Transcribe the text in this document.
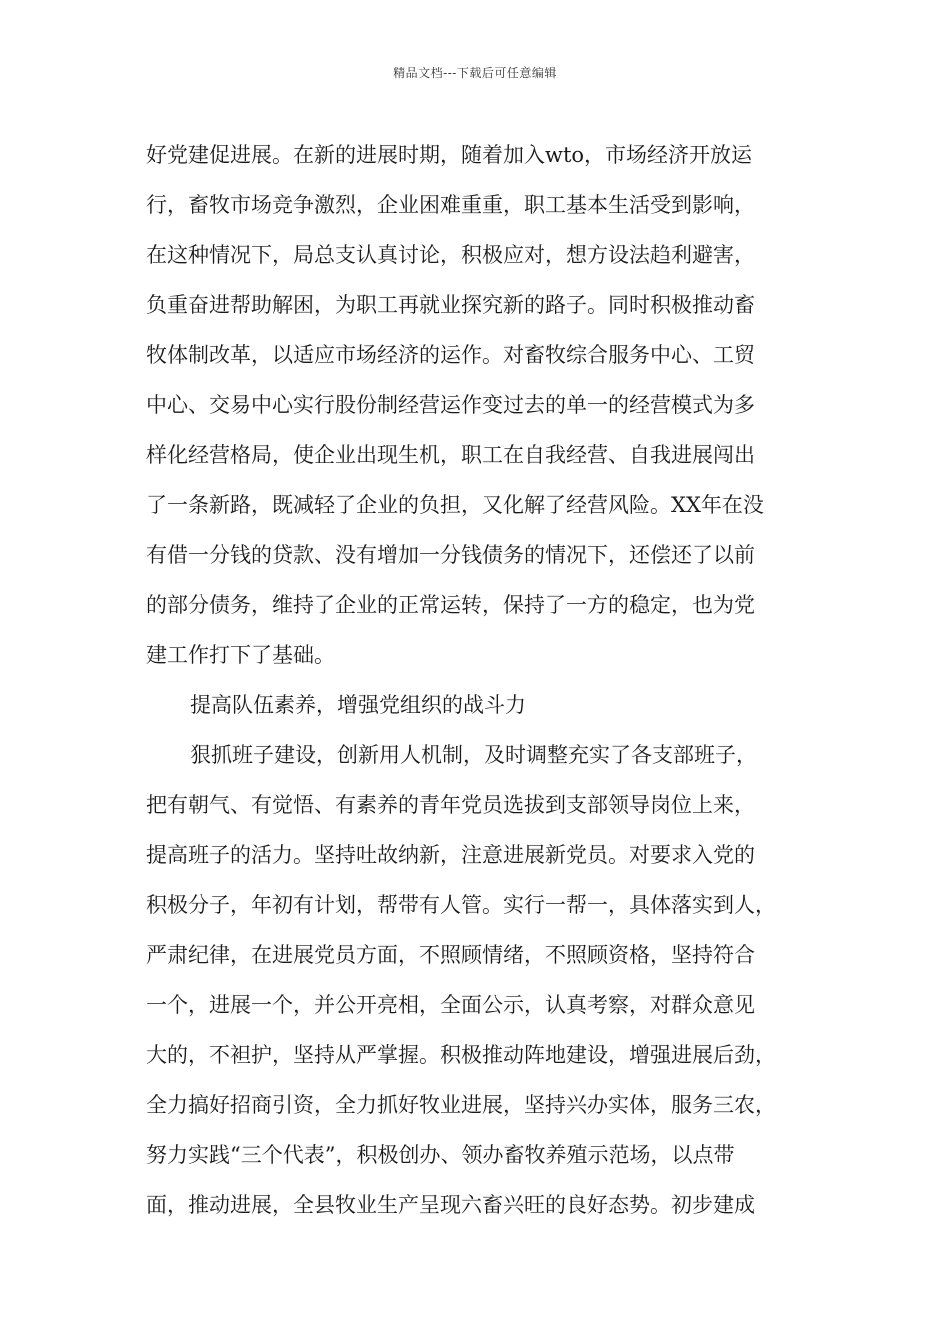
精品文档---下载后可任意编辑
好党建促进展。在新的进展时期，随着加入wto，市场经济开放运
行，畜牧市场竞争激烈，企业困难重重，职工基本生活受到影响，
在这种情况下，局总支认真讨论，积极应对，想方设法趋利避害，
负重奋进帮助解困，为职工再就业探究新的路子。同时积极推动畜
牧体制改革，以适应市场经济的运作。对畜牧综合服务中心、工贸
中心、交易中心实行股份制经营运作变过去的单一的经营模式为多
样化经营格局，使企业出现生机，职工在自我经营、自我进展闯出
了一条新路，既减轻了企业的负担，又化解了经营风险。XX年在没
有借一分钱的贷款、没有增加一分钱债务的情况下，还偿还了以前
的部分债务，维持了企业的正常运转，保持了一方的稳定，也为党
建工作打下了基础。
提高队伍素养，增强党组织的战斗力
狠抓班子建设，创新用人机制，及时调整充实了各支部班子，
把有朝气、有觉悟、有素养的青年党员选拔到支部领导岗位上来，
提高班子的活力。坚持吐故纳新，注意进展新党员。对要求入党的
积极分子，年初有计划，帮带有人管。实行一帮一，具体落实到人，
严肃纪律，在进展党员方面，不照顾情绪，不照顾资格，坚持符合
一个，进展一个，并公开亮相，全面公示，认真考察，对群众意见
大的，不袒护，坚持从严掌握。积极推动阵地建设，增强进展后劲，
全力搞好招商引资，全力抓好牧业进展，坚持兴办实体，服务三农，
努力实践“三个代表”，积极创办、领办畜牧养殖示范场，以点带
面，推动进展，全县牧业生产呈现六畜兴旺的良好态势。初步建成
